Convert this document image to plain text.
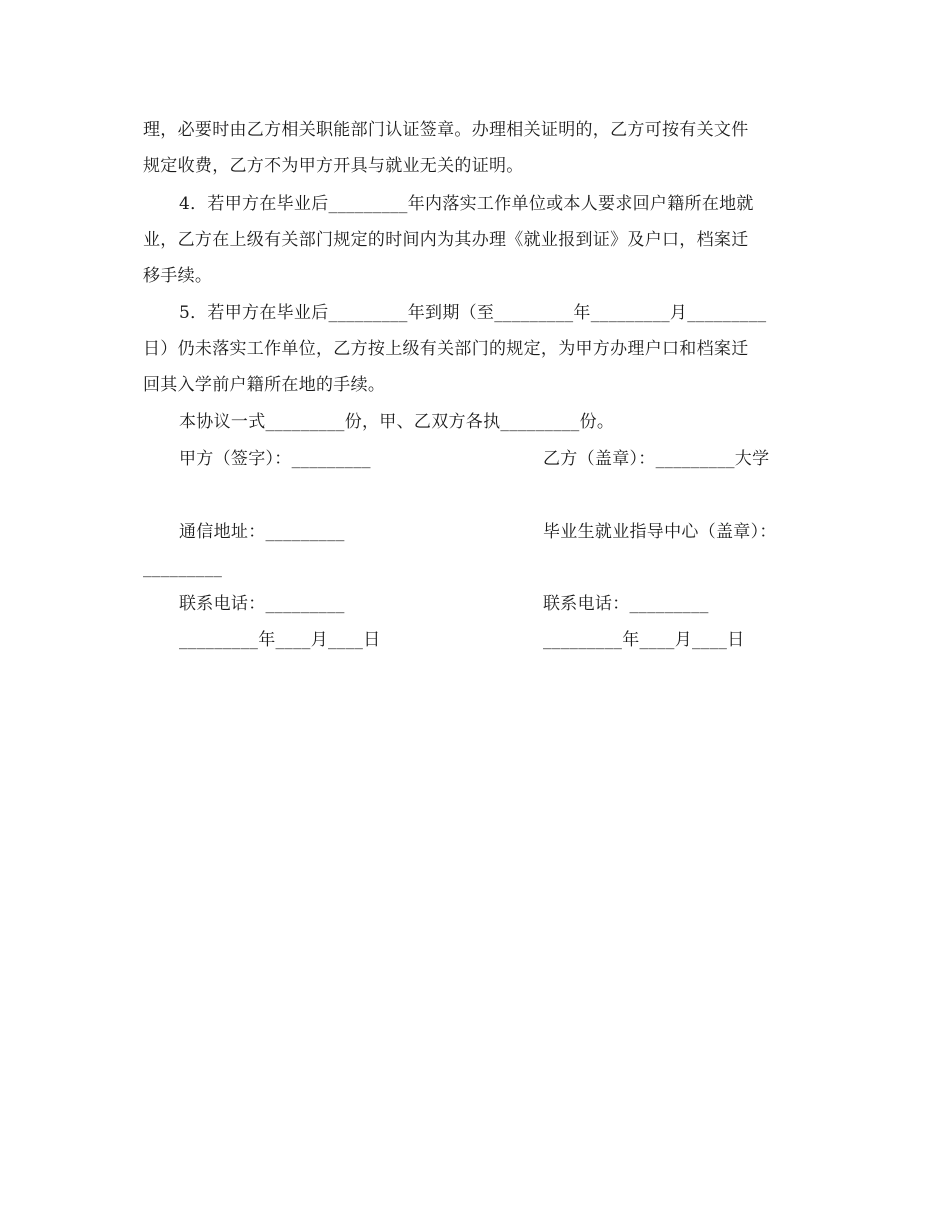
理，必要时由乙方相关职能部门认证签章。办理相关证明的，乙方可按有关文件
规定收费，乙方不为甲方开具与就业无关的证明。
4．若甲方在毕业后_________年内落实工作单位或本人要求回户籍所在地就
业，乙方在上级有关部门规定的时间内为其办理《就业报到证》及户口，档案迁
移手续。
5．若甲方在毕业后_________年到期（至_________年_________月_________
日）仍未落实工作单位，乙方按上级有关部门的规定，为甲方办理户口和档案迁
回其入学前户籍所在地的手续。
本协议一式_________份，甲、乙双方各执_________份。
甲方（签字）：_________	乙方（盖章）：_________大学
通信地址：_________	毕业生就业指导中心（盖章）：
_________
联系电话：_________	联系电话：_________
_________年____月____日	_________年____月____日
